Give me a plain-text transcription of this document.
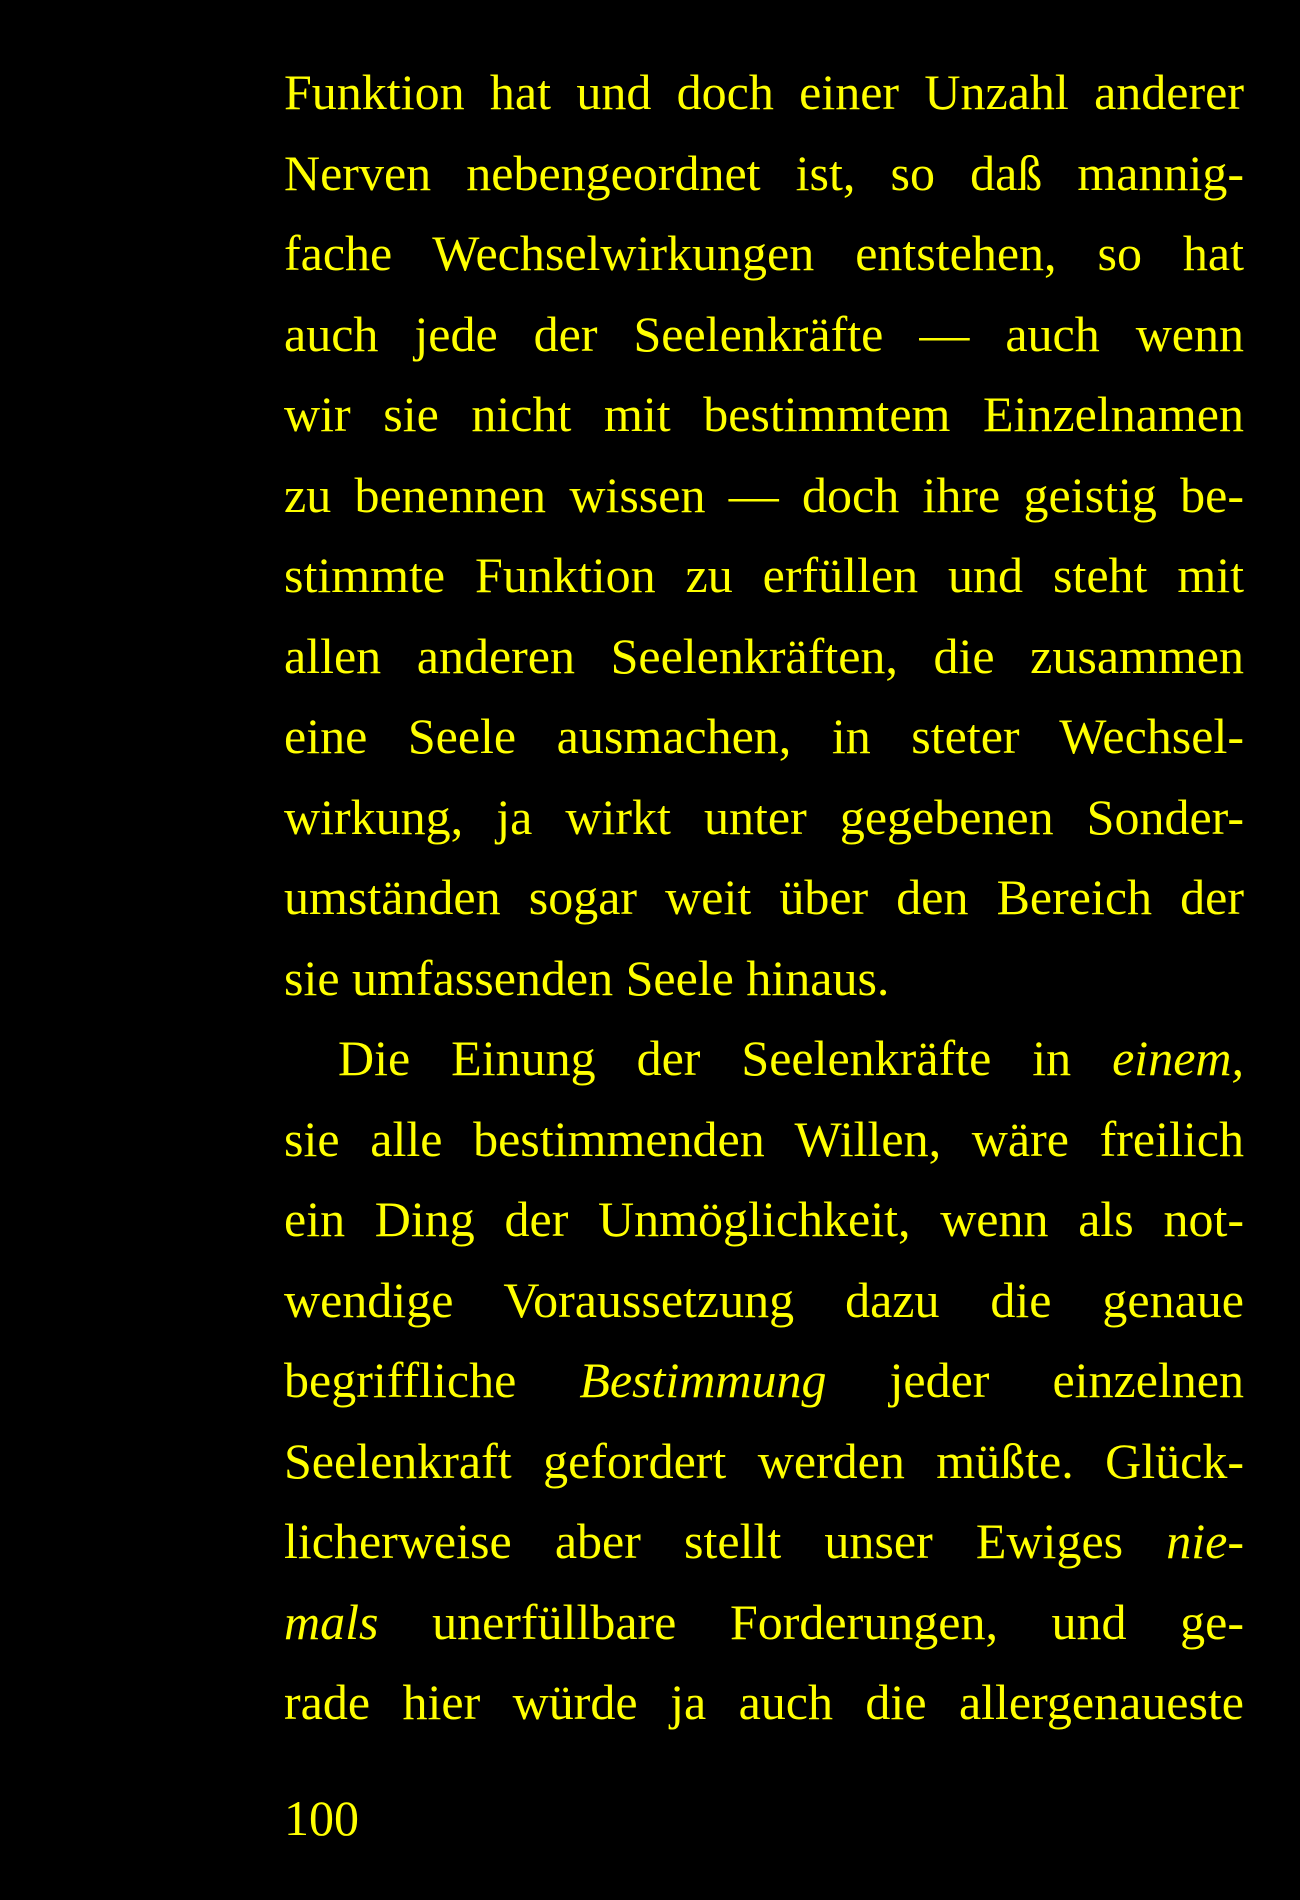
Funktion hat und doch einer Unzahl anderer
Nerven nebengeordnet ist, so daß mannig-
fache Wechselwirkungen entstehen, so hat
auch jede der Seelenkräfte — auch wenn
wir sie nicht mit bestimmtem Einzelnamen
zu benennen wissen — doch ihre geistig be-
stimmte Funktion zu erfüllen und steht mit
allen anderen Seelenkräften, die zusammen
eine Seele ausmachen, in steter Wechsel-
wirkung, ja wirkt unter gegebenen Sonder-
umständen sogar weit über den Bereich der
sie umfassenden Seele hinaus.
Die Einung der Seelenkräfte in einem,
sie alle bestimmenden Willen, wäre freilich
ein Ding der Unmöglichkeit, wenn als not-
wendige Voraussetzung dazu die genaue
begriffliche Bestimmung jeder einzelnen
Seelenkraft gefordert werden müßte. Glück-
licherweise aber stellt unser Ewiges nie-
mals unerfüllbare Forderungen, und ge-
rade hier würde ja auch die allergenaueste
100
